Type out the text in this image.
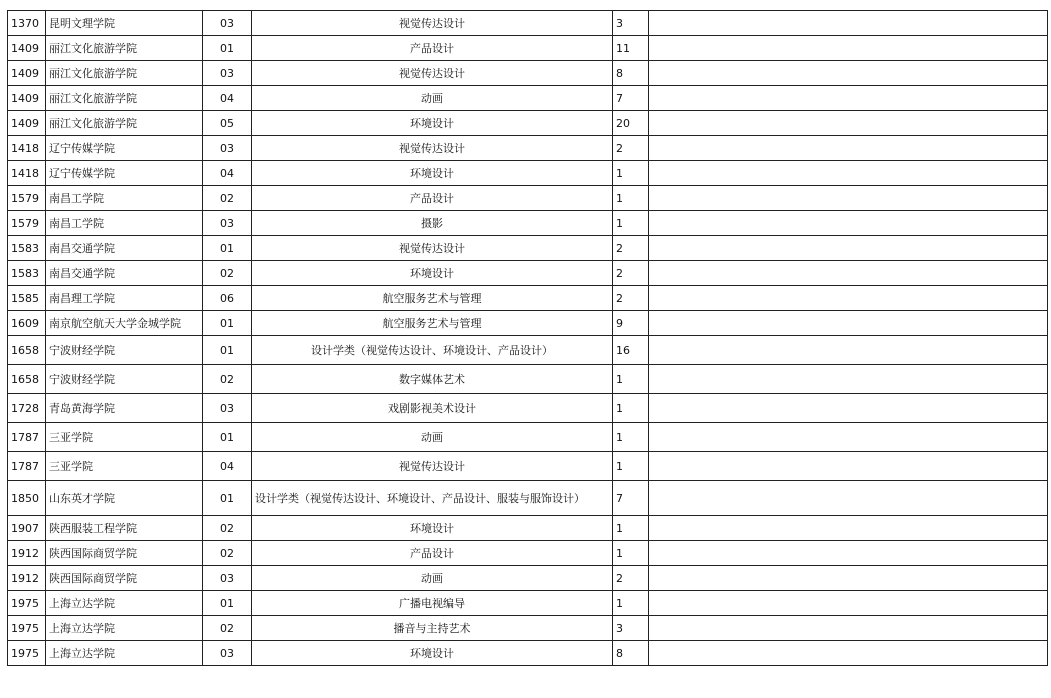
1370	昆明文理学院	03	视觉传达设计	3	
1409	丽江文化旅游学院	01	产品设计	11	
1409	丽江文化旅游学院	03	视觉传达设计	8	
1409	丽江文化旅游学院	04	动画	7	
1409	丽江文化旅游学院	05	环境设计	20	
1418	辽宁传媒学院	03	视觉传达设计	2	
1418	辽宁传媒学院	04	环境设计	1	
1579	南昌工学院	02	产品设计	1	
1579	南昌工学院	03	摄影	1	
1583	南昌交通学院	01	视觉传达设计	2	
1583	南昌交通学院	02	环境设计	2	
1585	南昌理工学院	06	航空服务艺术与管理	2	
1609	南京航空航天大学金城学院	01	航空服务艺术与管理	9	
1658	宁波财经学院	01	设计学类（视觉传达设计、环境设计、产品设计）	16	
1658	宁波财经学院	02	数字媒体艺术	1	
1728	青岛黄海学院	03	戏剧影视美术设计	1	
1787	三亚学院	01	动画	1	
1787	三亚学院	04	视觉传达设计	1	
1850	山东英才学院	01	设计学类（视觉传达设计、环境设计、产品设计、服装与服饰设计）	7	
1907	陕西服装工程学院	02	环境设计	1	
1912	陕西国际商贸学院	02	产品设计	1	
1912	陕西国际商贸学院	03	动画	2	
1975	上海立达学院	01	广播电视编导	1	
1975	上海立达学院	02	播音与主持艺术	3	
1975	上海立达学院	03	环境设计	8	
